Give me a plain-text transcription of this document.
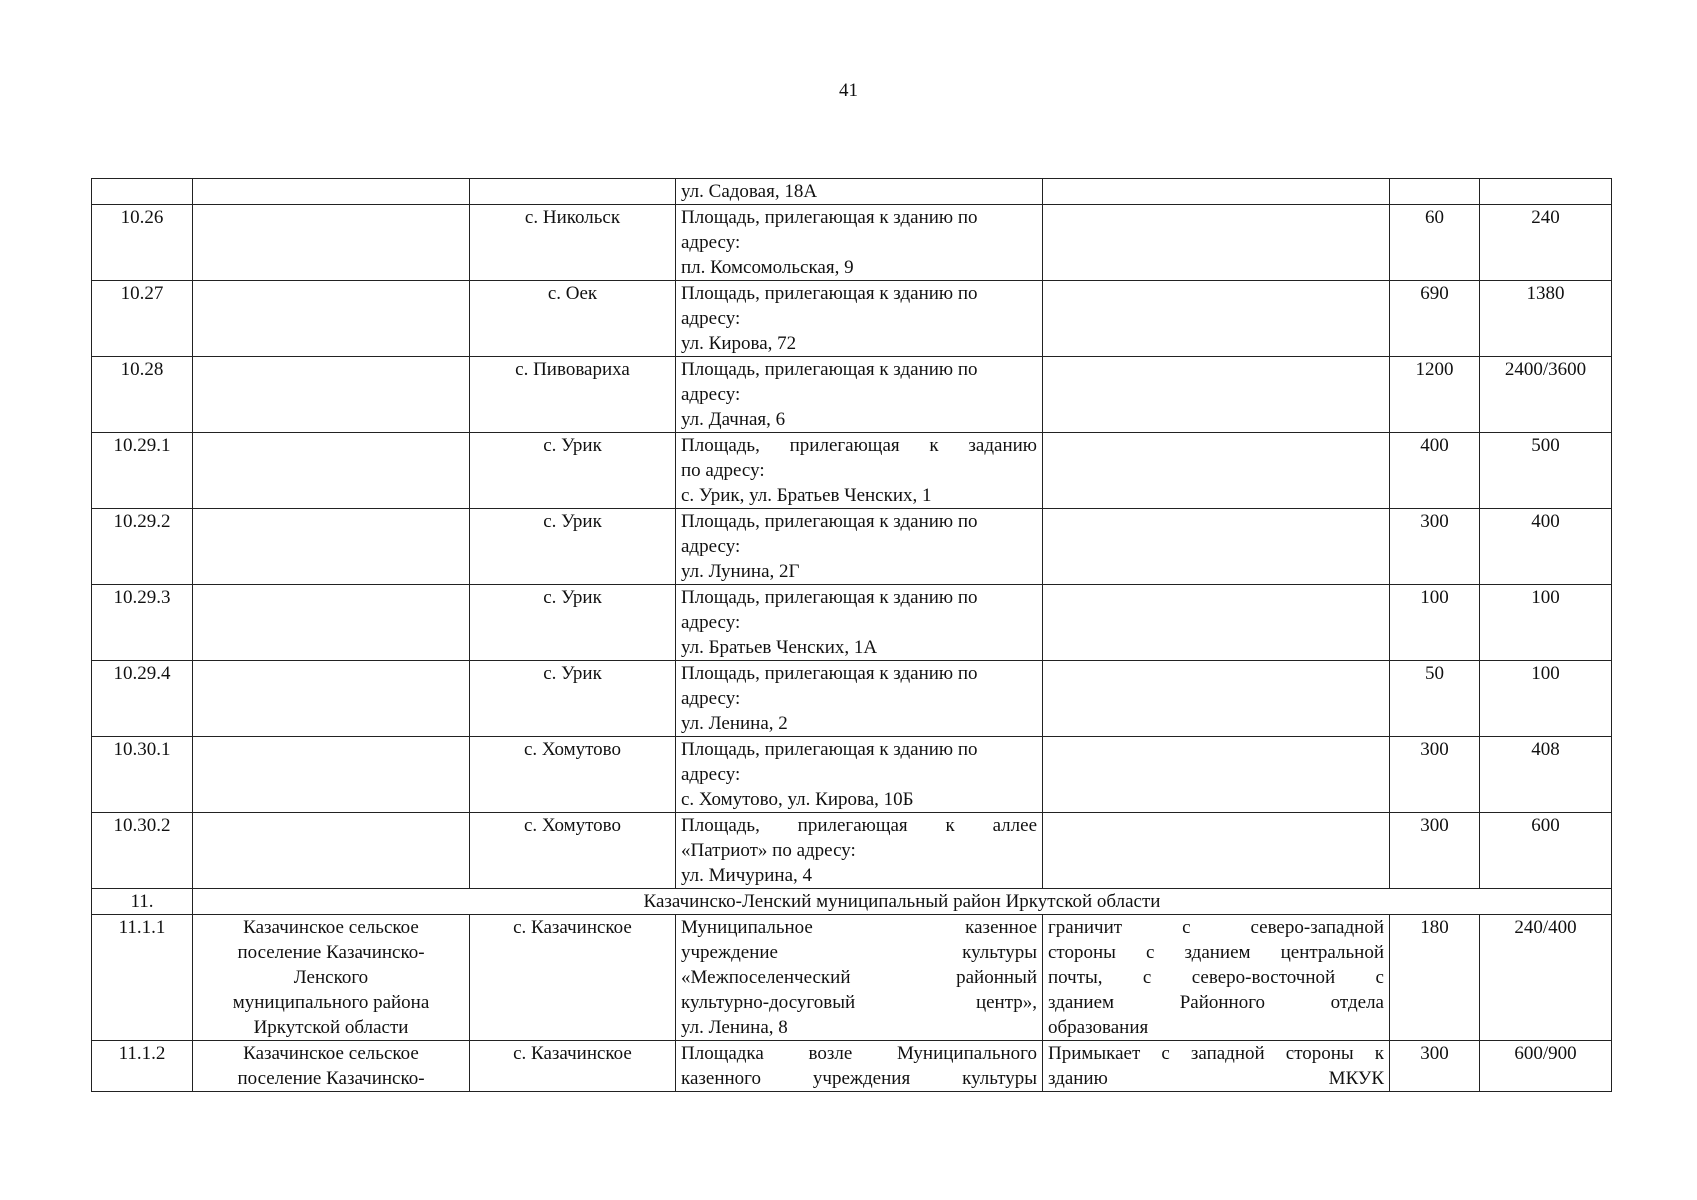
41

			ул. Садовая, 18А			

10.26		с. Никольск	Площадь, прилегающая к зданию по
адресу:
пл. Комсомольская, 9		60	240
10.27		с. Оек	Площадь, прилегающая к зданию по
адресу:
ул. Кирова, 72		690	1380
10.28		с. Пивовариха	Площадь, прилегающая к зданию по
адресу:
ул. Дачная, 6		1200	2400/3600
10.29.1		с. Урик	Площадь, прилегающая к заданию
по адресу:
с. Урик, ул. Братьев Ченских, 1		400	500
10.29.2		с. Урик	Площадь, прилегающая к зданию по
адресу:
ул. Лунина, 2Г		300	400
10.29.3		с. Урик	Площадь, прилегающая к зданию по
адресу:
ул. Братьев Ченских, 1А		100	100
10.29.4		с. Урик	Площадь, прилегающая к зданию по
адресу:
ул. Ленина, 2		50	100
10.30.1		с. Хомутово	Площадь, прилегающая к зданию по
адресу:
с. Хомутово, ул. Кирова, 10Б		300	408
10.30.2		с. Хомутово	Площадь, прилегающая к аллее
«Патриот» по адресу:
ул. Мичурина, 4		300	600
11.	Казачинско-Ленский муниципальный район Иркутской области					
11.1.1	Казачинское сельское
поселение Казачинско-
Ленского
муниципального района
Иркутской области	с. Казачинское	Муниципальное казенное
учреждение культуры
«Межпоселенческий районный
культурно-досуговый центр»,
ул. Ленина, 8	граничит с северо-западной
стороны с зданием центральной
почты, с северо-восточной с
зданием Районного отдела
образования	180	240/400
11.1.2	Казачинское сельское
поселение Казачинско-	с. Казачинское	Площадка возле Муниципального
казенного учреждения культуры	Примыкает с западной стороны к
зданию МКУК	300	600/900
